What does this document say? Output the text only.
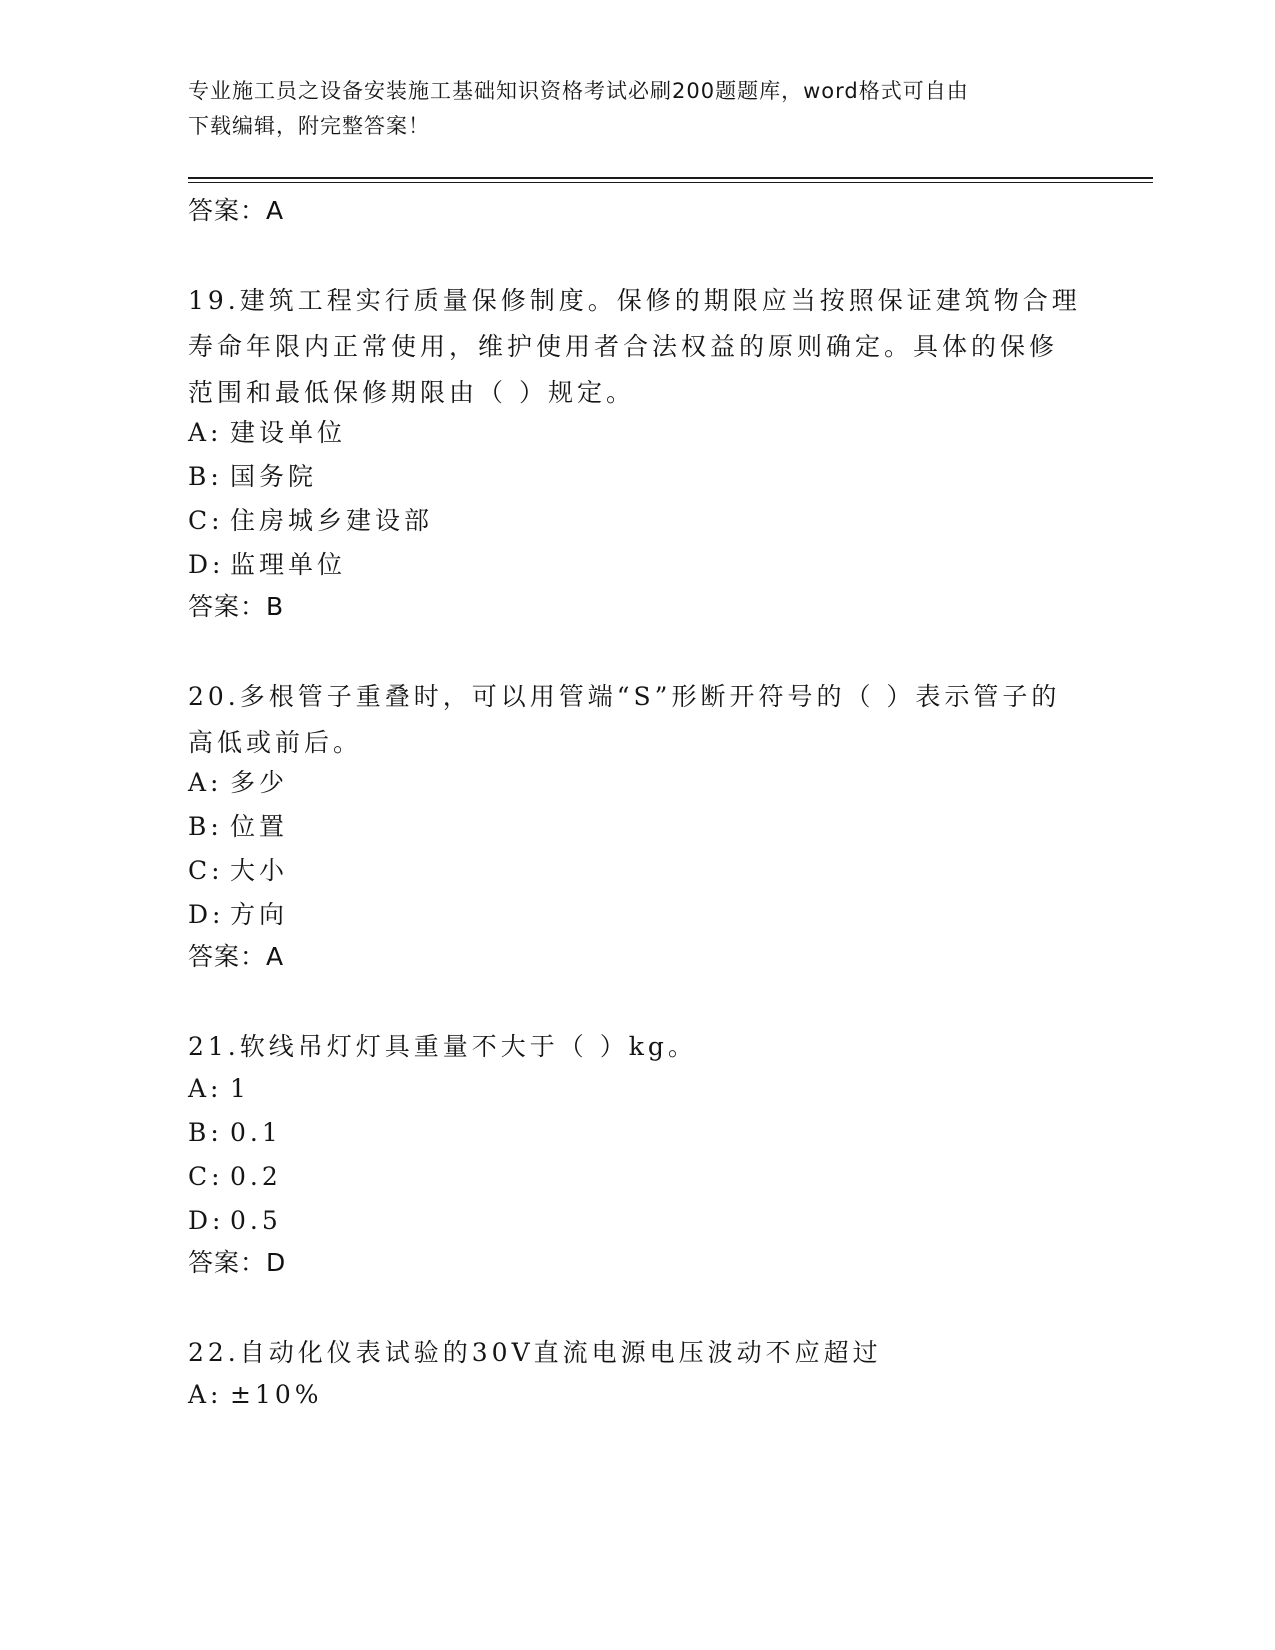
专业施工员之设备安装施工基础知识资格考试必刷200题题库，word格式可自由
下载编辑，附完整答案！
答案：A
19.建筑工程实行质量保修制度。保修的期限应当按照保证建筑物合理
寿命年限内正常使用，维护使用者合法权益的原则确定。具体的保修
范围和最低保修期限由（ ）规定。
A: 建设单位
B: 国务院
C: 住房城乡建设部
D: 监理单位
答案：B
20.多根管子重叠时，可以用管端“S”形断开符号的（ ）表示管子的
高低或前后。
A: 多少
B: 位置
C: 大小
D: 方向
答案：A
21.软线吊灯灯具重量不大于（ ）kg。
A: 1
B: 0.1
C: 0.2
D: 0.5
答案：D
22.自动化仪表试验的30V直流电源电压波动不应超过
A: ±10%
